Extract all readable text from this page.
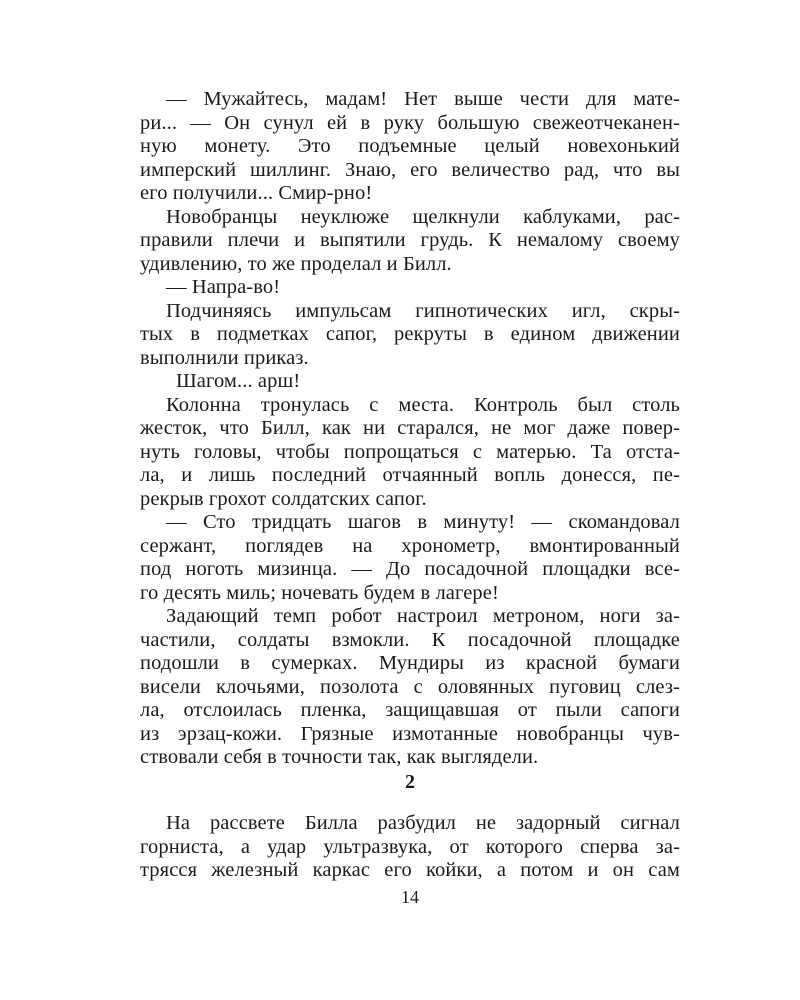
— Мужайтесь, мадам! Нет выше чести для мате-
ри... — Он сунул ей в руку большую свежеотчеканен-
ную монету. Это подъемные целый новехонький
имперский шиллинг. Знаю, его величество рад, что вы
его получили... Смир-рно!
Новобранцы неуклюже щелкнули каблуками, рас-
правили плечи и выпятили грудь. К немалому своему
удивлению, то же проделал и Билл.
— Напра-во!
Подчиняясь импульсам гипнотических игл, скры-
тых в подметках сапог, рекруты в едином движении
выполнили приказ.
Шагом... арш!
Колонна тронулась с места. Контроль был столь
жесток, что Билл, как ни старался, не мог даже повер-
нуть головы, чтобы попрощаться с матерью. Та отста-
ла, и лишь последний отчаянный вопль донесся, пе-
рекрыв грохот солдатских сапог.
— Сто тридцать шагов в минуту! — скомандовал
сержант, поглядев на хронометр, вмонтированный
под ноготь мизинца. — До посадочной площадки все-
го десять миль; ночевать будем в лагере!
Задающий темп робот настроил метроном, ноги за-
частили, солдаты взмокли. К посадочной площадке
подошли в сумерках. Мундиры из красной бумаги
висели клочьями, позолота с оловянных пуговиц слез-
ла, отслоилась пленка, защищавшая от пыли сапоги
из эрзац-кожи. Грязные измотанные новобранцы чув-
ствовали себя в точности так, как выглядели.
2
На рассвете Билла разбудил не задорный сигнал
горниста, а удар ультразвука, от которого сперва за-
трясся железный каркас его койки, а потом и он сам
14
